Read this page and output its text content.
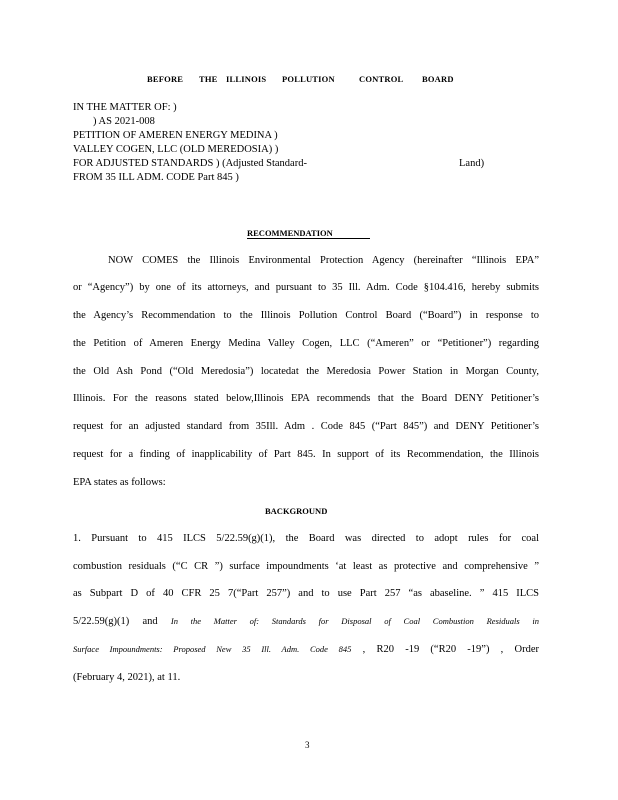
BEFORE THE ILLINOIS POLLUTION	CONTROL BOARD
IN THE MATTER OF: )
) AS 2021-008
PETITION OF AMEREN ENERGY MEDINA )
VALLEY COGEN, LLC (OLD MEREDOSIA) )
FOR ADJUSTED STANDARDS ) (Adjusted Standard-	Land)
FROM 35 ILL ADM. CODE Part 845 )
RECOMMENDATION
NOW COMES the Illinois Environmental Protection Agency (hereinafter “Illinois EPA”
or “Agency”) by one of its attorneys, and pursuant to 35 Ill. Adm. Code §104.416, hereby submits
the Agency’s Recommendation to the Illinois Pollution Control Board (“Board”) in response to
the Petition of Ameren Energy Medina Valley Cogen, LLC (“Ameren” or “Petitioner”) regarding
the Old Ash Pond (“Old Meredosia”) locatedat the Meredosia Power Station in Morgan County,
Illinois. For the reasons stated below,Illinois EPA recommends that the Board DENY Petitioner’s
request for an adjusted standard from 35Ill. Adm . Code 845 (“Part 845”) and DENY Petitioner’s
request for a finding of inapplicability of Part 845. In support of its Recommendation, the Illinois
EPA states as follows:
BACKGROUND
1. Pursuant to 415 ILCS 5/22.59(g)(1), the Board was directed to adopt rules for coal
combustion residuals (“C CR ”) surface impoundments ‘at least as protective and comprehensive ”
as Subpart D of 40 CFR 25 7(“Part 257”) and to use Part 257 “as abaseline. ” 415 ILCS
5/22.59(g)(1) and In the Matter of: Standards for Disposal of Coal Combustion Residuals in
Surface Impoundments: Proposed New 35 Ill. Adm. Code 845 , R20 -19 (“R20 -19”) , Order
(February 4, 2021), at 11.
3
